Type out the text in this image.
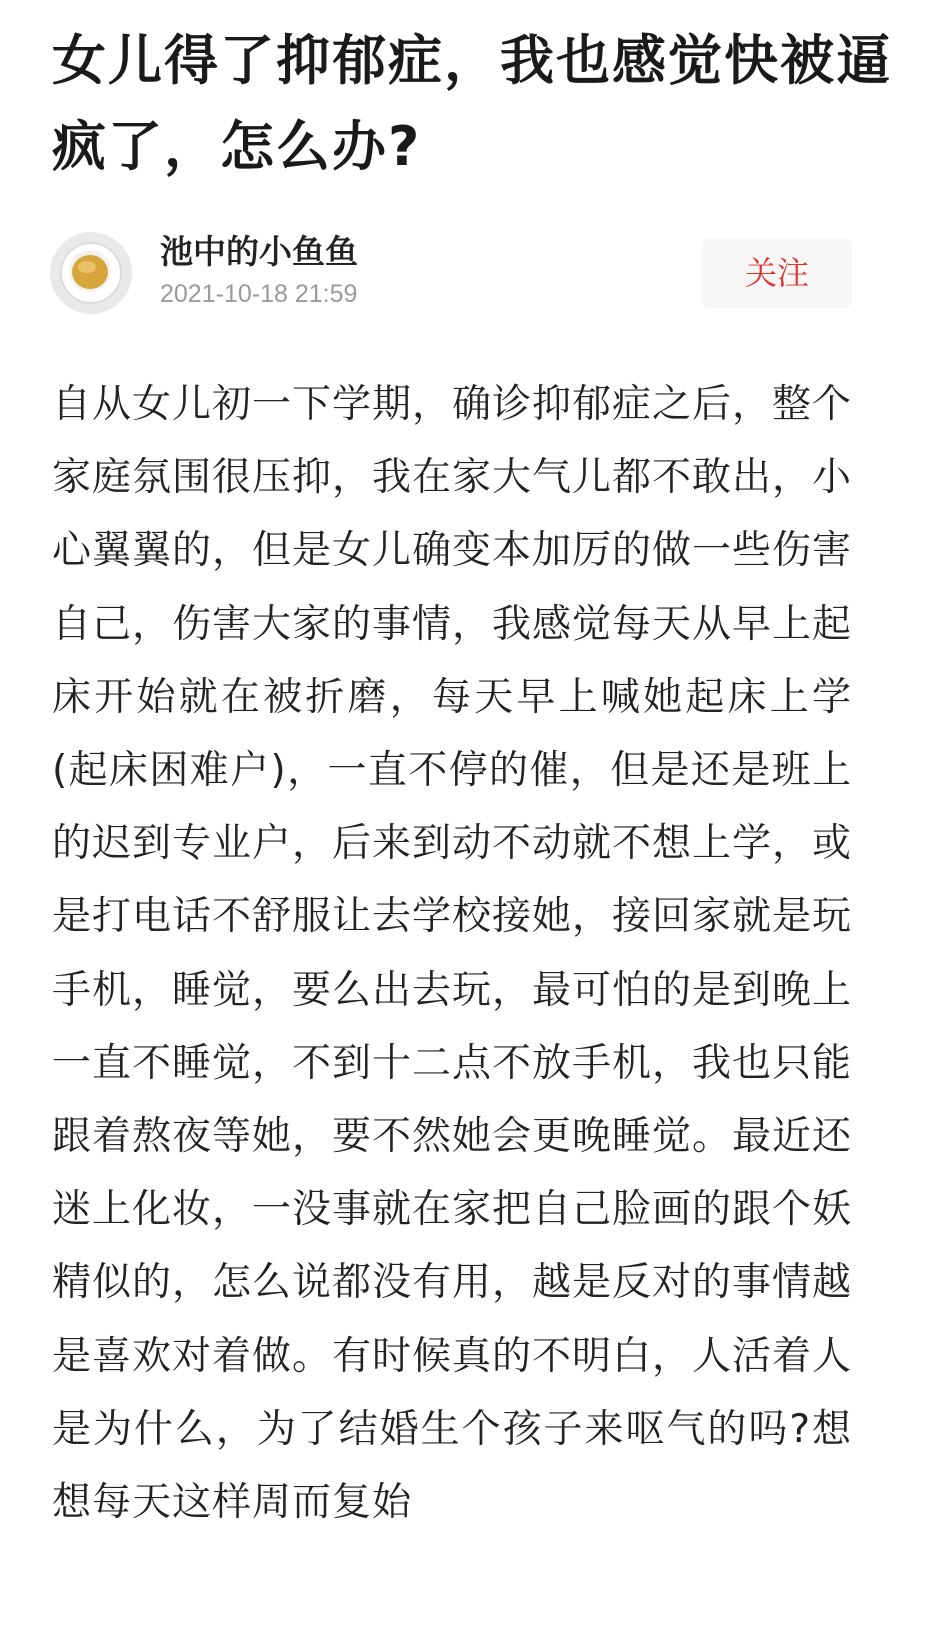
女儿得了抑郁症，我也感觉快被逼疯了，怎么办?
池中的小鱼鱼
2021-10-18 21:59
关注

自从女儿初一下学期，确诊抑郁症之后，整个家庭氛围很压抑，我在家大气儿都不敢出，小心翼翼的，但是女儿确变本加厉的做一些伤害自己，伤害大家的事情，我感觉每天从早上起床开始就在被折磨，每天早上喊她起床上学(起床困难户)，一直不停的催，但是还是班上的迟到专业户，后来到动不动就不想上学，或是打电话不舒服让去学校接她，接回家就是玩手机，睡觉，要么出去玩，最可怕的是到晚上一直不睡觉，不到十二点不放手机，我也只能跟着熬夜等她，要不然她会更晚睡觉。最近还迷上化妆，一没事就在家把自己脸画的跟个妖精似的，怎么说都没有用，越是反对的事情越是喜欢对着做。有时候真的不明白，人活着人是为什么，为了结婚生个孩子来呕气的吗?想想每天这样周而复始
